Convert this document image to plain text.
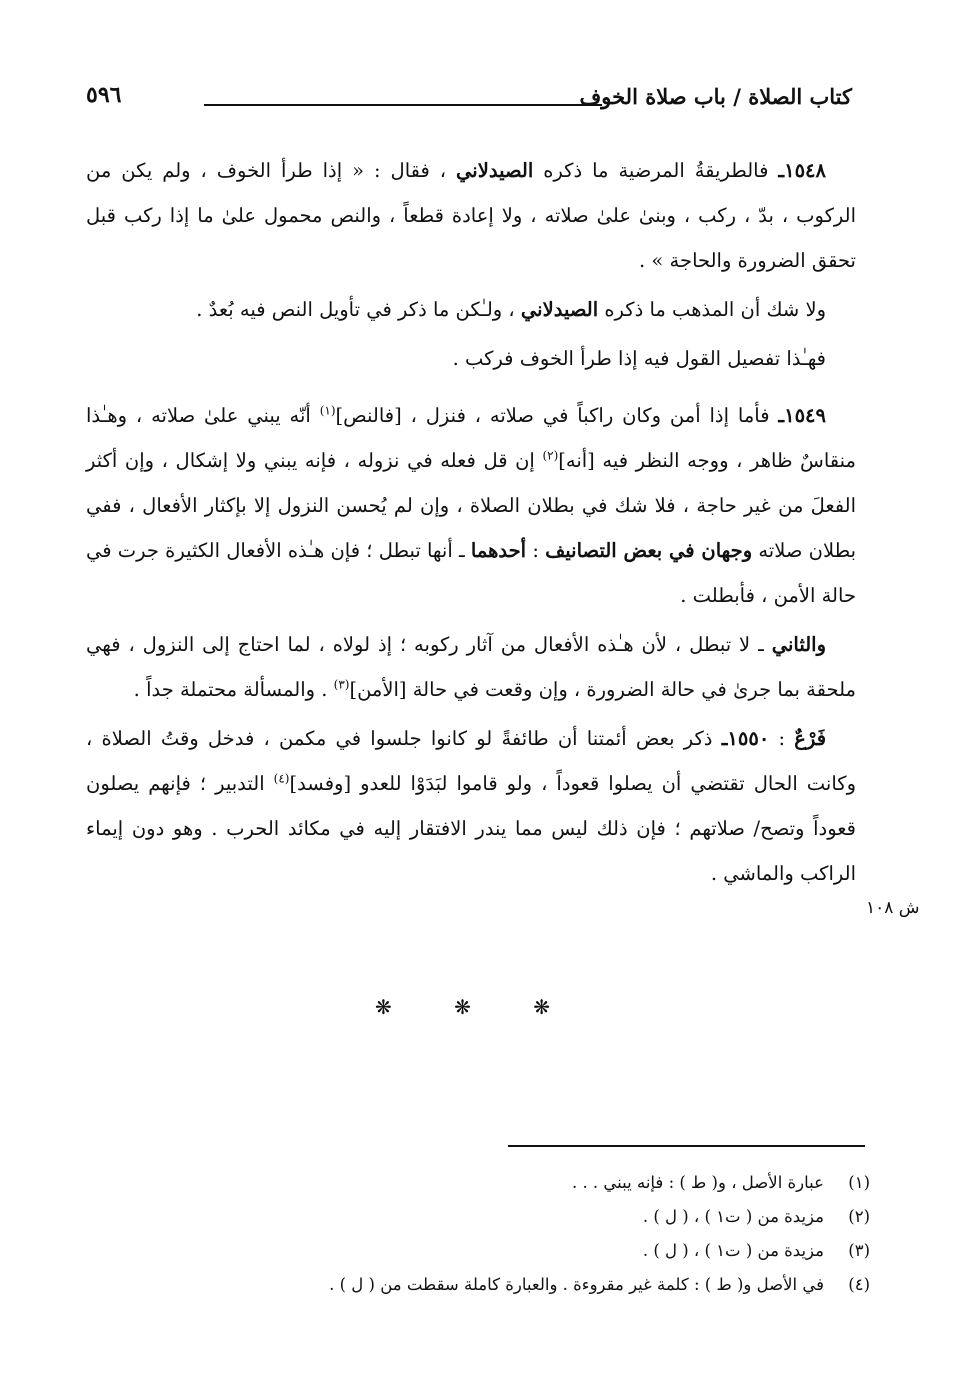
كتاب الصلاة / باب صلاة الخوف
٥٩٦

١٥٤٨ـ فالطريقةُ المرضية ما ذكره الصيدلاني ، فقال : « إذا طرأ الخوف ، ولم يكن من الركوب ، بدّ ، ركب ، وبنىٰ علىٰ صلاته ، ولا إعادة قطعاً ، والنص محمول علىٰ ما إذا ركب قبل تحقق الضرورة والحاجة » .

ولا شك أن المذهب ما ذكره الصيدلاني ، ولـٰكن ما ذكر في تأويل النص فيه بُعدٌ .

فهـٰذا تفصيل القول فيه إذا طرأ الخوف فركب .

١٥٤٩ـ فأما إذا أمن وكان راكباً في صلاته ، فنزل ، [فالنص]$^{(١)}$ أنّه يبني علىٰ صلاته ، وهـٰذا منقاسٌ ظاهر ، ووجه النظر فيه [أنه]$^{(٢)}$ إن قل فعله في نزوله ، فإنه يبني ولا إشكال ، وإن أكثر الفعلَ من غير حاجة ، فلا شك في بطلان الصلاة ، وإن لم يُحسن النزول إلا بإكثار الأفعال ، ففي بطلان صلاته وجهان في بعض التصانيف : أحدهما ـ أنها تبطل ؛ فإن هـٰذه الأفعال الكثيرة جرت في حالة الأمن ، فأبطلت .

والثاني ـ لا تبطل ، لأن هـٰذه الأفعال من آثار ركوبه ؛ إذ لولاه ، لما احتاج إلى النزول ، فهي ملحقة بما جرىٰ في حالة الضرورة ، وإن وقعت في حالة [الأمن]$^{(٣)}$ . والمسألة محتملة جداً .

فَرْعٌ : ١٥٥٠ـ ذكر بعض أئمتنا أن طائفةً لو كانوا جلسوا في مكمن ، فدخل وقتُ الصلاة ، وكانت الحال تقتضي أن يصلوا قعوداً ، ولو قاموا لبَدَوْا للعدو [وفسد]$^{(٤)}$ التدبير ؛ فإنهم يصلون قعوداً وتصح/ صلاتهم ؛ فإن ذلك ليس مما يندر الافتقار إليه في مكائد الحرب . وهو دون إيماء الراكب والماشي .

ش ١٠٨
❋ ❋ ❋
(١)عبارة الأصل ، و( ط ) : فإنه يبني . . .
(٢)مزيدة من ( ت١ ) ، ( ل ) .
(٣)مزيدة من ( ت١ ) ، ( ل ) .
(٤)في الأصل و( ط ) : كلمة غير مقروءة . والعبارة كاملة سقطت من ( ل ) .
